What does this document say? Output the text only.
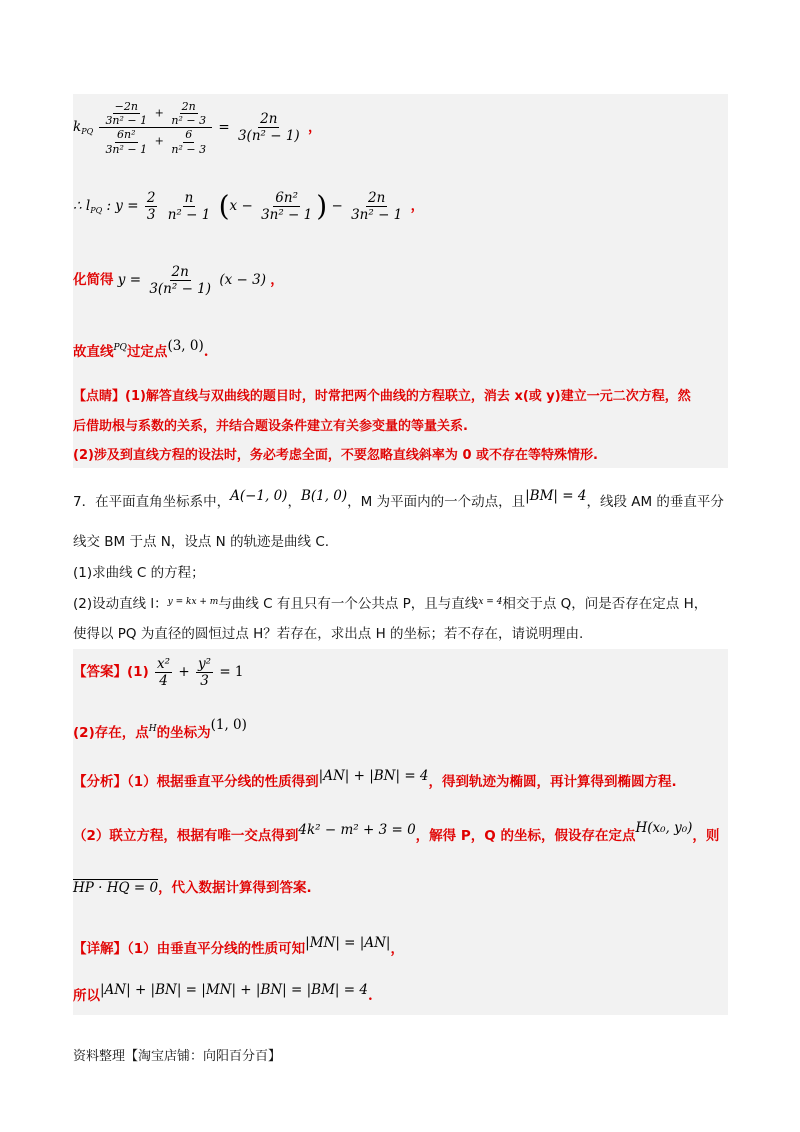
$k_{PQ} \frac{\frac{-2n}{\text{3n² − 1}} + \frac{2n}{\text{n² − 3}}}{\frac{\text{6n²}}{\text{3n² − 1}} + \frac{6}{\text{n² − 3}}} = \frac{2n}{\text{3(n² − 1)}}$ ，
∴ $l_{PQ}$ : $y = \frac{2}{3}$
$\frac{n}{\text{n² − 1}} (x - \frac{\text{6n²}}{\text{3n² − 1}}$ ) − $\frac{2n}{\text{3n² − 1}}$ ，
化简得 $y = \frac{2n}{\text{3(n² − 1)}} (x - 3)$ ，
故直线$^{PQ}$过定点(3, 0).
【点睛】(1)解答直线与双曲线的题目时，时常把两个曲线的方程联立，消去 x(或 y)建立一元二次方程，然
后借助根与系数的关系，并结合题设条件建立有关参变量的等量关系.
(2)涉及到直线方程的设法时，务必考虑全面，不要忽略直线斜率为 0 或不存在等特殊情形.
7．在平面直角坐标系中，A(−1, 0)，B(1, 0)，M 为平面内的一个动点，且|BM| = 4，线段 AM 的垂直平分
线交 BM 于点 N，设点 N 的轨迹是曲线 C.
(1)求曲线 C 的方程；
(2)设动直线 l：$^{y = kx + m}$与曲线 C 有且只有一个公共点 P，且与直线$^{x = 4}$相交于点 Q，问是否存在定点 H，
使得以 PQ 为直径的圆恒过点 H？若存在，求出点 H 的坐标；若不存在，请说明理由.
【答案】$(1) \frac{\text{x²}}{4} + \frac{\text{y²}}{3} = 1$
(2)存在，点$^H$的坐标为(1, 0)
【分析】（1）根据垂直平分线的性质得到|AN| + |BN| = 4，得到轨迹为椭圆，再计算得到椭圆方程.
（2）联立方程，根据有唯一交点得到4k² − m² + 3 = 0，解得 P，Q 的坐标，假设存在定点H(x₀, y₀)，则
HP · HQ = 0，代入数据计算得到答案.
【详解】（1）由垂直平分线的性质可知|MN| = |AN|，
所以|AN| + |BN| = |MN| + |BN| = |BM| = 4.
资料整理【淘宝店铺：向阳百分百】
